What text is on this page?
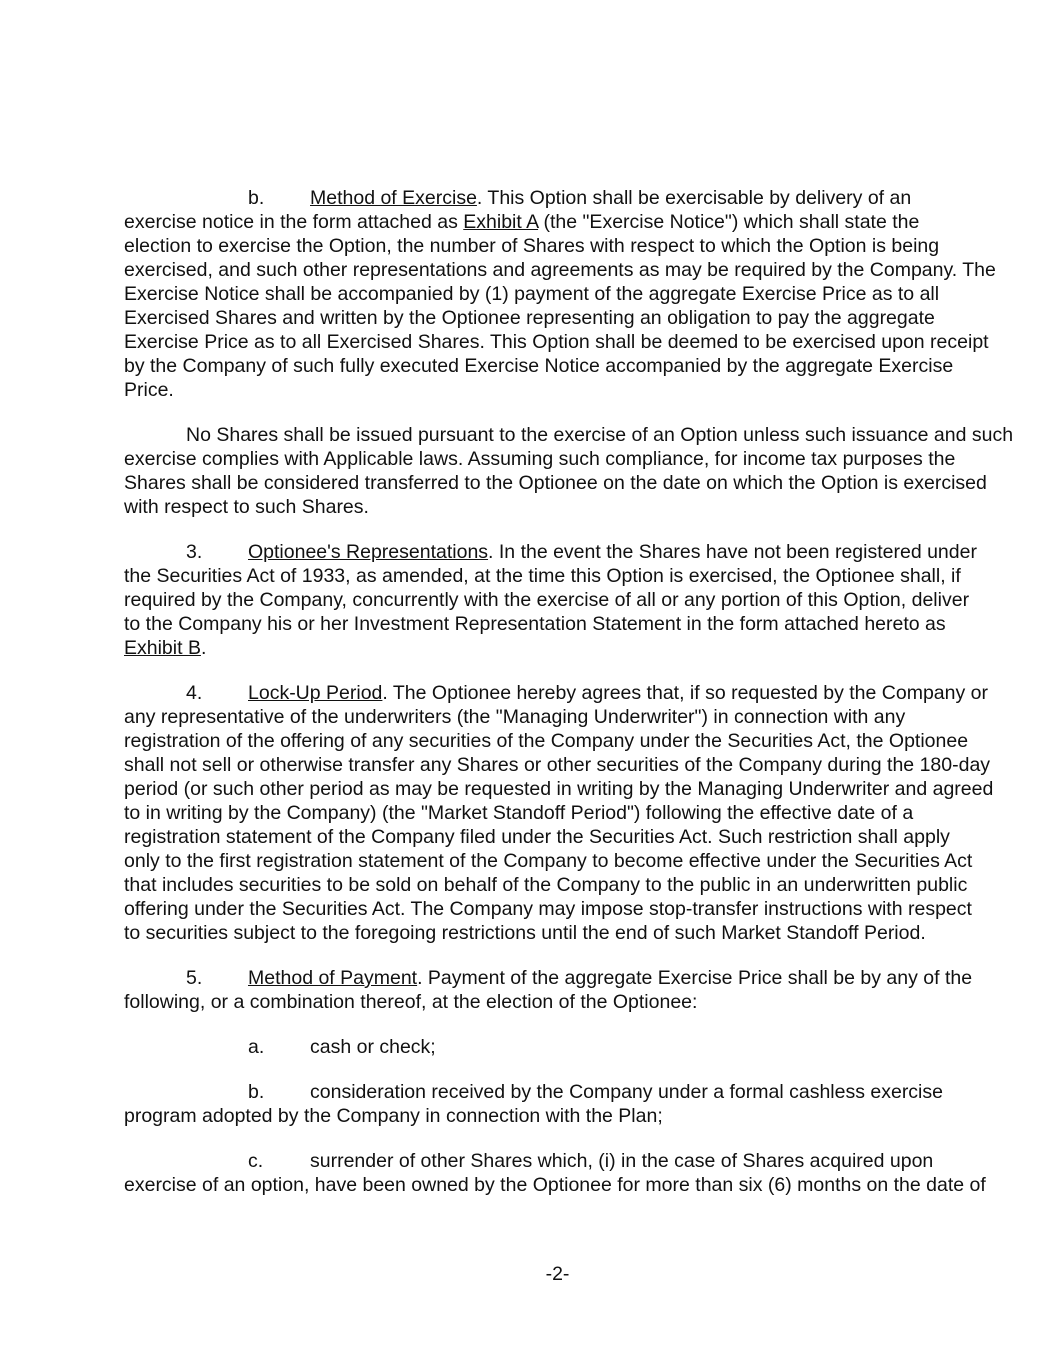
b. Method of Exercise. This Option shall be exercisable by delivery of an
exercise notice in the form attached as Exhibit A (the "Exercise Notice") which shall state the
election to exercise the Option, the number of Shares with respect to which the Option is being
exercised, and such other representations and agreements as may be required by the Company. The
Exercise Notice shall be accompanied by (1) payment of the aggregate Exercise Price as to all
Exercised Shares and written by the Optionee representing an obligation to pay the aggregate
Exercise Price as to all Exercised Shares. This Option shall be deemed to be exercised upon receipt
by the Company of such fully executed Exercise Notice accompanied by the aggregate Exercise
Price.
No Shares shall be issued pursuant to the exercise of an Option unless such issuance and such
exercise complies with Applicable laws. Assuming such compliance, for income tax purposes the
Shares shall be considered transferred to the Optionee on the date on which the Option is exercised
with respect to such Shares.
3. Optionee's Representations. In the event the Shares have not been registered under
the Securities Act of 1933, as amended, at the time this Option is exercised, the Optionee shall, if
required by the Company, concurrently with the exercise of all or any portion of this Option, deliver
to the Company his or her Investment Representation Statement in the form attached hereto as
Exhibit B.
4. Lock-Up Period. The Optionee hereby agrees that, if so requested by the Company or
any representative of the underwriters (the "Managing Underwriter") in connection with any
registration of the offering of any securities of the Company under the Securities Act, the Optionee
shall not sell or otherwise transfer any Shares or other securities of the Company during the 180-day
period (or such other period as may be requested in writing by the Managing Underwriter and agreed
to in writing by the Company) (the "Market Standoff Period") following the effective date of a
registration statement of the Company filed under the Securities Act. Such restriction shall apply
only to the first registration statement of the Company to become effective under the Securities Act
that includes securities to be sold on behalf of the Company to the public in an underwritten public
offering under the Securities Act. The Company may impose stop-transfer instructions with respect
to securities subject to the foregoing restrictions until the end of such Market Standoff Period.
5. Method of Payment. Payment of the aggregate Exercise Price shall be by any of the
following, or a combination thereof, at the election of the Optionee:
a. cash or check;
b. consideration received by the Company under a formal cashless exercise
program adopted by the Company in connection with the Plan;
c. surrender of other Shares which, (i) in the case of Shares acquired upon
exercise of an option, have been owned by the Optionee for more than six (6) months on the date of
-2-
